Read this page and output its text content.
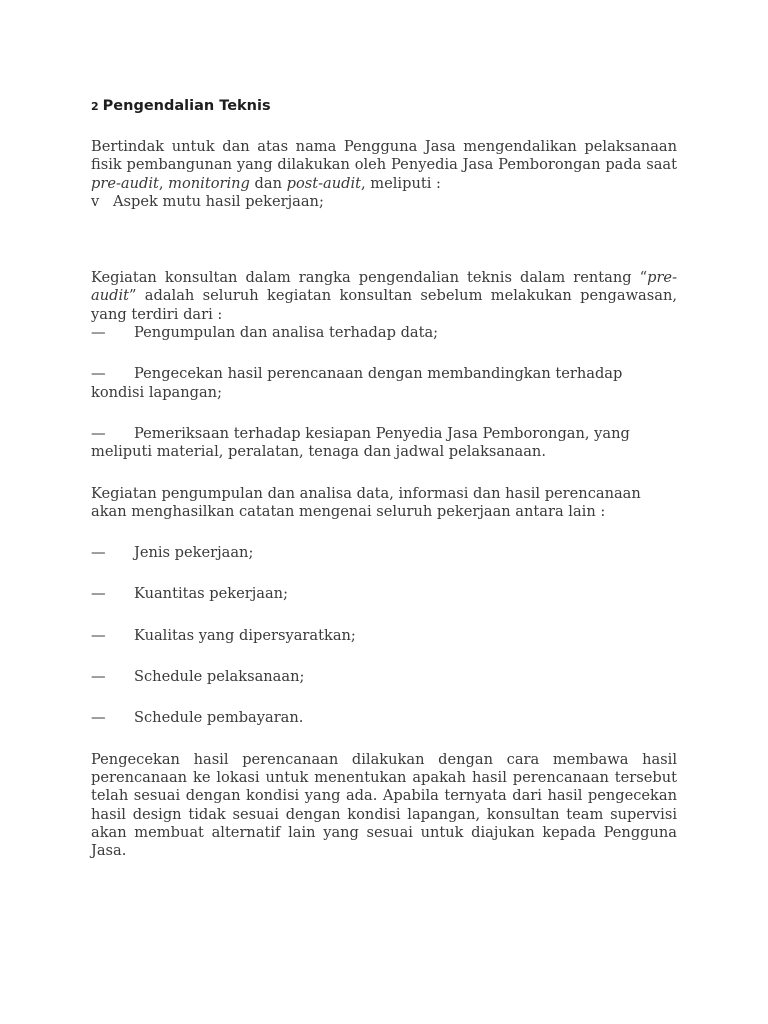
2 Pengendalian Teknis

Bertindak untuk dan atas nama Pengguna Jasa mengendalikan pelaksanaan fisik pembangunan yang dilakukan oleh Penyedia Jasa Pemborongan pada saat pre-audit, monitoring dan post-audit, meliputi :

v Aspek mutu hasil pekerjaan;

Kegiatan konsultan dalam rangka pengendalian teknis dalam rentang “pre-audit” adalah seluruh kegiatan konsultan sebelum melakukan pengawasan, yang terdiri dari :

— Pengumpulan dan analisa terhadap data;
— Pengecekan hasil perencanaan dengan membandingkan terhadap kondisi lapangan;
— Pemeriksaan terhadap kesiapan Penyedia Jasa Pemborongan, yang meliputi material, peralatan, tenaga dan jadwal pelaksanaan.

Kegiatan pengumpulan dan analisa data, informasi dan hasil perencanaan akan menghasilkan catatan mengenai seluruh pekerjaan antara lain :

— Jenis pekerjaan;
— Kuantitas pekerjaan;
— Kualitas yang dipersyaratkan;
— Schedule pelaksanaan;
— Schedule pembayaran.

Pengecekan hasil perencanaan dilakukan dengan cara membawa hasil perencanaan ke lokasi untuk menentukan apakah hasil perencanaan tersebut telah sesuai dengan kondisi yang ada. Apabila ternyata dari hasil pengecekan hasil design tidak sesuai dengan kondisi lapangan, konsultan team supervisi akan membuat alternatif lain yang sesuai untuk diajukan kepada Pengguna Jasa.
